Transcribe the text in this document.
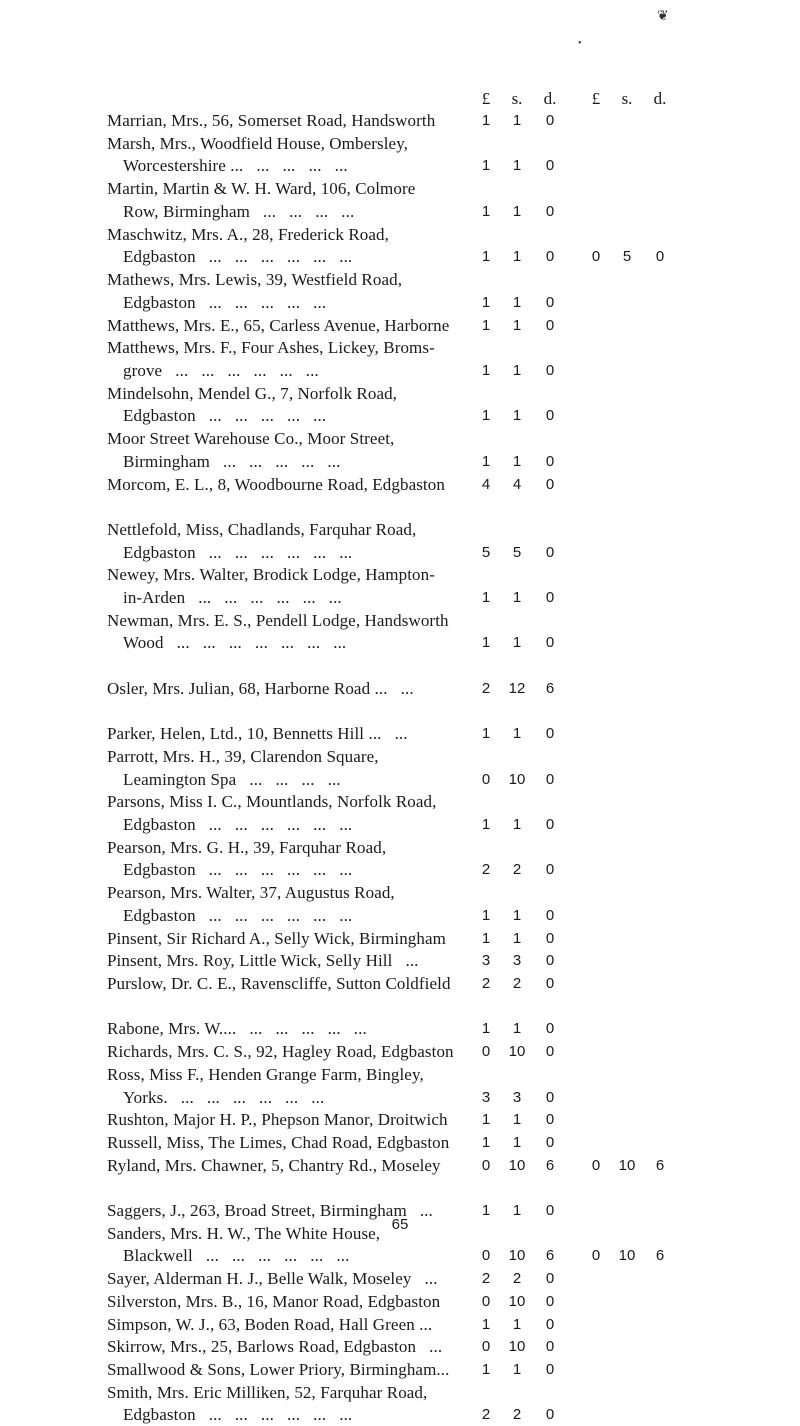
❦
•
£	s.	d.	£	s.	d.
Marrian, Mrs., 56, Somerset Road, Handsworth	1	1	0
Marsh, Mrs., Woodfield House, Ombersley,
Worcestershire ...   ...   ...   ...   ...	1	1	0
Martin, Martin & W. H. Ward, 106, Colmore
Row, Birmingham   ...   ...   ...   ...	1	1	0
Maschwitz, Mrs. A., 28, Frederick Road,
Edgbaston   ...   ...   ...   ...   ...   ...	1	1	0	0	5	0
Mathews, Mrs. Lewis, 39, Westfield Road,
Edgbaston   ...   ...   ...   ...   ...	1	1	0
Matthews, Mrs. E., 65, Carless Avenue, Harborne	1	1	0
Matthews, Mrs. F., Four Ashes, Lickey, Broms-
grove   ...   ...   ...   ...   ...   ...	1	1	0
Mindelsohn, Mendel G., 7, Norfolk Road,
Edgbaston   ...   ...   ...   ...   ...	1	1	0
Moor Street Warehouse Co., Moor Street,
Birmingham   ...   ...   ...   ...   ...	1	1	0
Morcom, E. L., 8, Woodbourne Road, Edgbaston	4	4	0
Nettlefold, Miss, Chadlands, Farquhar Road,
Edgbaston   ...   ...   ...   ...   ...   ...	5	5	0
Newey, Mrs. Walter, Brodick Lodge, Hampton-
in-Arden   ...   ...   ...   ...   ...   ...	1	1	0
Newman, Mrs. E. S., Pendell Lodge, Handsworth
Wood   ...   ...   ...   ...   ...   ...   ...	1	1	0
Osler, Mrs. Julian, 68, Harborne Road ...   ...	2	12	6
Parker, Helen, Ltd., 10, Bennetts Hill ...   ...	1	1	0
Parrott, Mrs. H., 39, Clarendon Square,
Leamington Spa   ...   ...   ...   ...	0	10	0
Parsons, Miss I. C., Mountlands, Norfolk Road,
Edgbaston   ...   ...   ...   ...   ...   ...	1	1	0
Pearson, Mrs. G. H., 39, Farquhar Road,
Edgbaston   ...   ...   ...   ...   ...   ...	2	2	0
Pearson, Mrs. Walter, 37, Augustus Road,
Edgbaston   ...   ...   ...   ...   ...   ...	1	1	0
Pinsent, Sir Richard A., Selly Wick, Birmingham	1	1	0
Pinsent, Mrs. Roy, Little Wick, Selly Hill   ...	3	3	0
Purslow, Dr. C. E., Ravenscliffe, Sutton Coldfield	2	2	0
Rabone, Mrs. W....   ...   ...   ...   ...   ...	1	1	0
Richards, Mrs. C. S., 92, Hagley Road, Edgbaston	0	10	0
Ross, Miss F., Henden Grange Farm, Bingley,
Yorks.   ...   ...   ...   ...   ...   ...	3	3	0
Rushton, Major H. P., Phepson Manor, Droitwich	1	1	0
Russell, Miss, The Limes, Chad Road, Edgbaston	1	1	0
Ryland, Mrs. Chawner, 5, Chantry Rd., Moseley	0	10	6	0	10	6
Saggers, J., 263, Broad Street, Birmingham   ...	1	1	0
Sanders, Mrs. H. W., The White House,
Blackwell   ...   ...   ...   ...   ...   ...	0	10	6	0	10	6
Sayer, Alderman H. J., Belle Walk, Moseley   ...	2	2	0
Silverston, Mrs. B., 16, Manor Road, Edgbaston	0	10	0
Simpson, W. J., 63, Boden Road, Hall Green ...	1	1	0
Skirrow, Mrs., 25, Barlows Road, Edgbaston   ...	0	10	0
Smallwood & Sons, Lower Priory, Birmingham...	1	1	0
Smith, Mrs. Eric Milliken, 52, Farquhar Road,
Edgbaston   ...   ...   ...   ...   ...   ...	2	2	0
65
